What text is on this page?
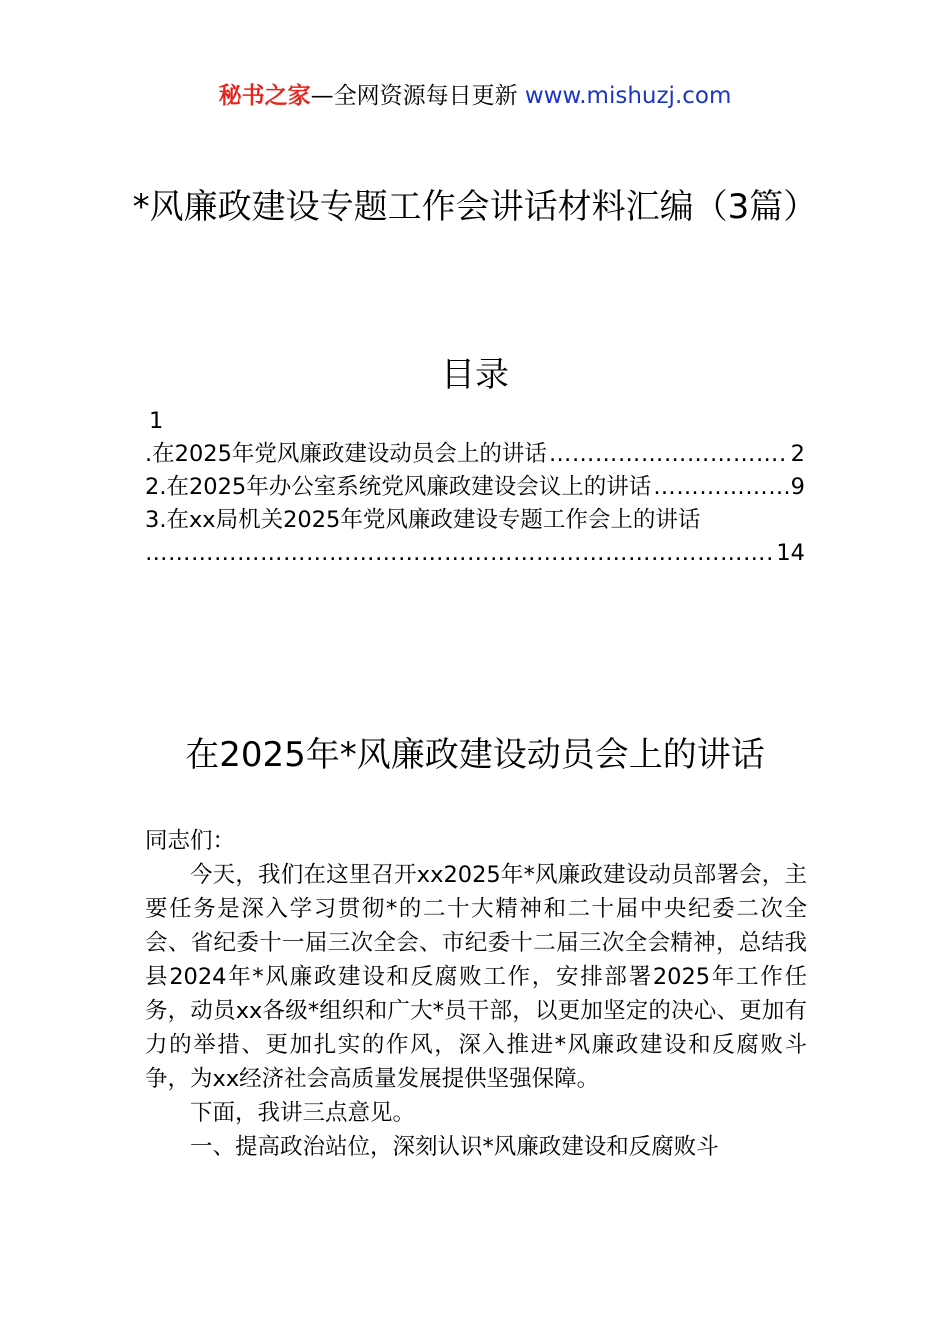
秘书之家—全网资源每日更新 www.mishuzj.com
*风廉政建设专题工作会讲话材料汇编（3篇）
目录
1
.在2025年党风廉政建设动员会上的讲话 ……………………………………………………………………………………………………………………………………………………………………	2
2.在2025年办公室系统党风廉政建设会议上的讲话 ……………………………………………………………………………………………………………………………………………………………………	9
3.在xx局机关2025年党风廉政建设专题工作会上的讲话
……………………………………………………………………………………………………………………………………………………………………
14
在2025年*风廉政建设动员会上的讲话

同志们：

今天，我们在这里召开xx2025年*风廉政建设动员部署会，主要任务是深入学习贯彻*的二十大精神和二十届中央纪委二次全会、省纪委十一届三次全会、市纪委十二届三次全会精神，总结我县2024年*风廉政建设和反腐败工作，安排部署2025年工作任务，动员xx各级*组织和广大*员干部，以更加坚定的决心、更加有力的举措、更加扎实的作风，深入推进*风廉政建设和反腐败斗争，为xx经济社会高质量发展提供坚强保障。

下面，我讲三点意见。

一、提高政治站位，深刻认识*风廉政建设和反腐败斗
